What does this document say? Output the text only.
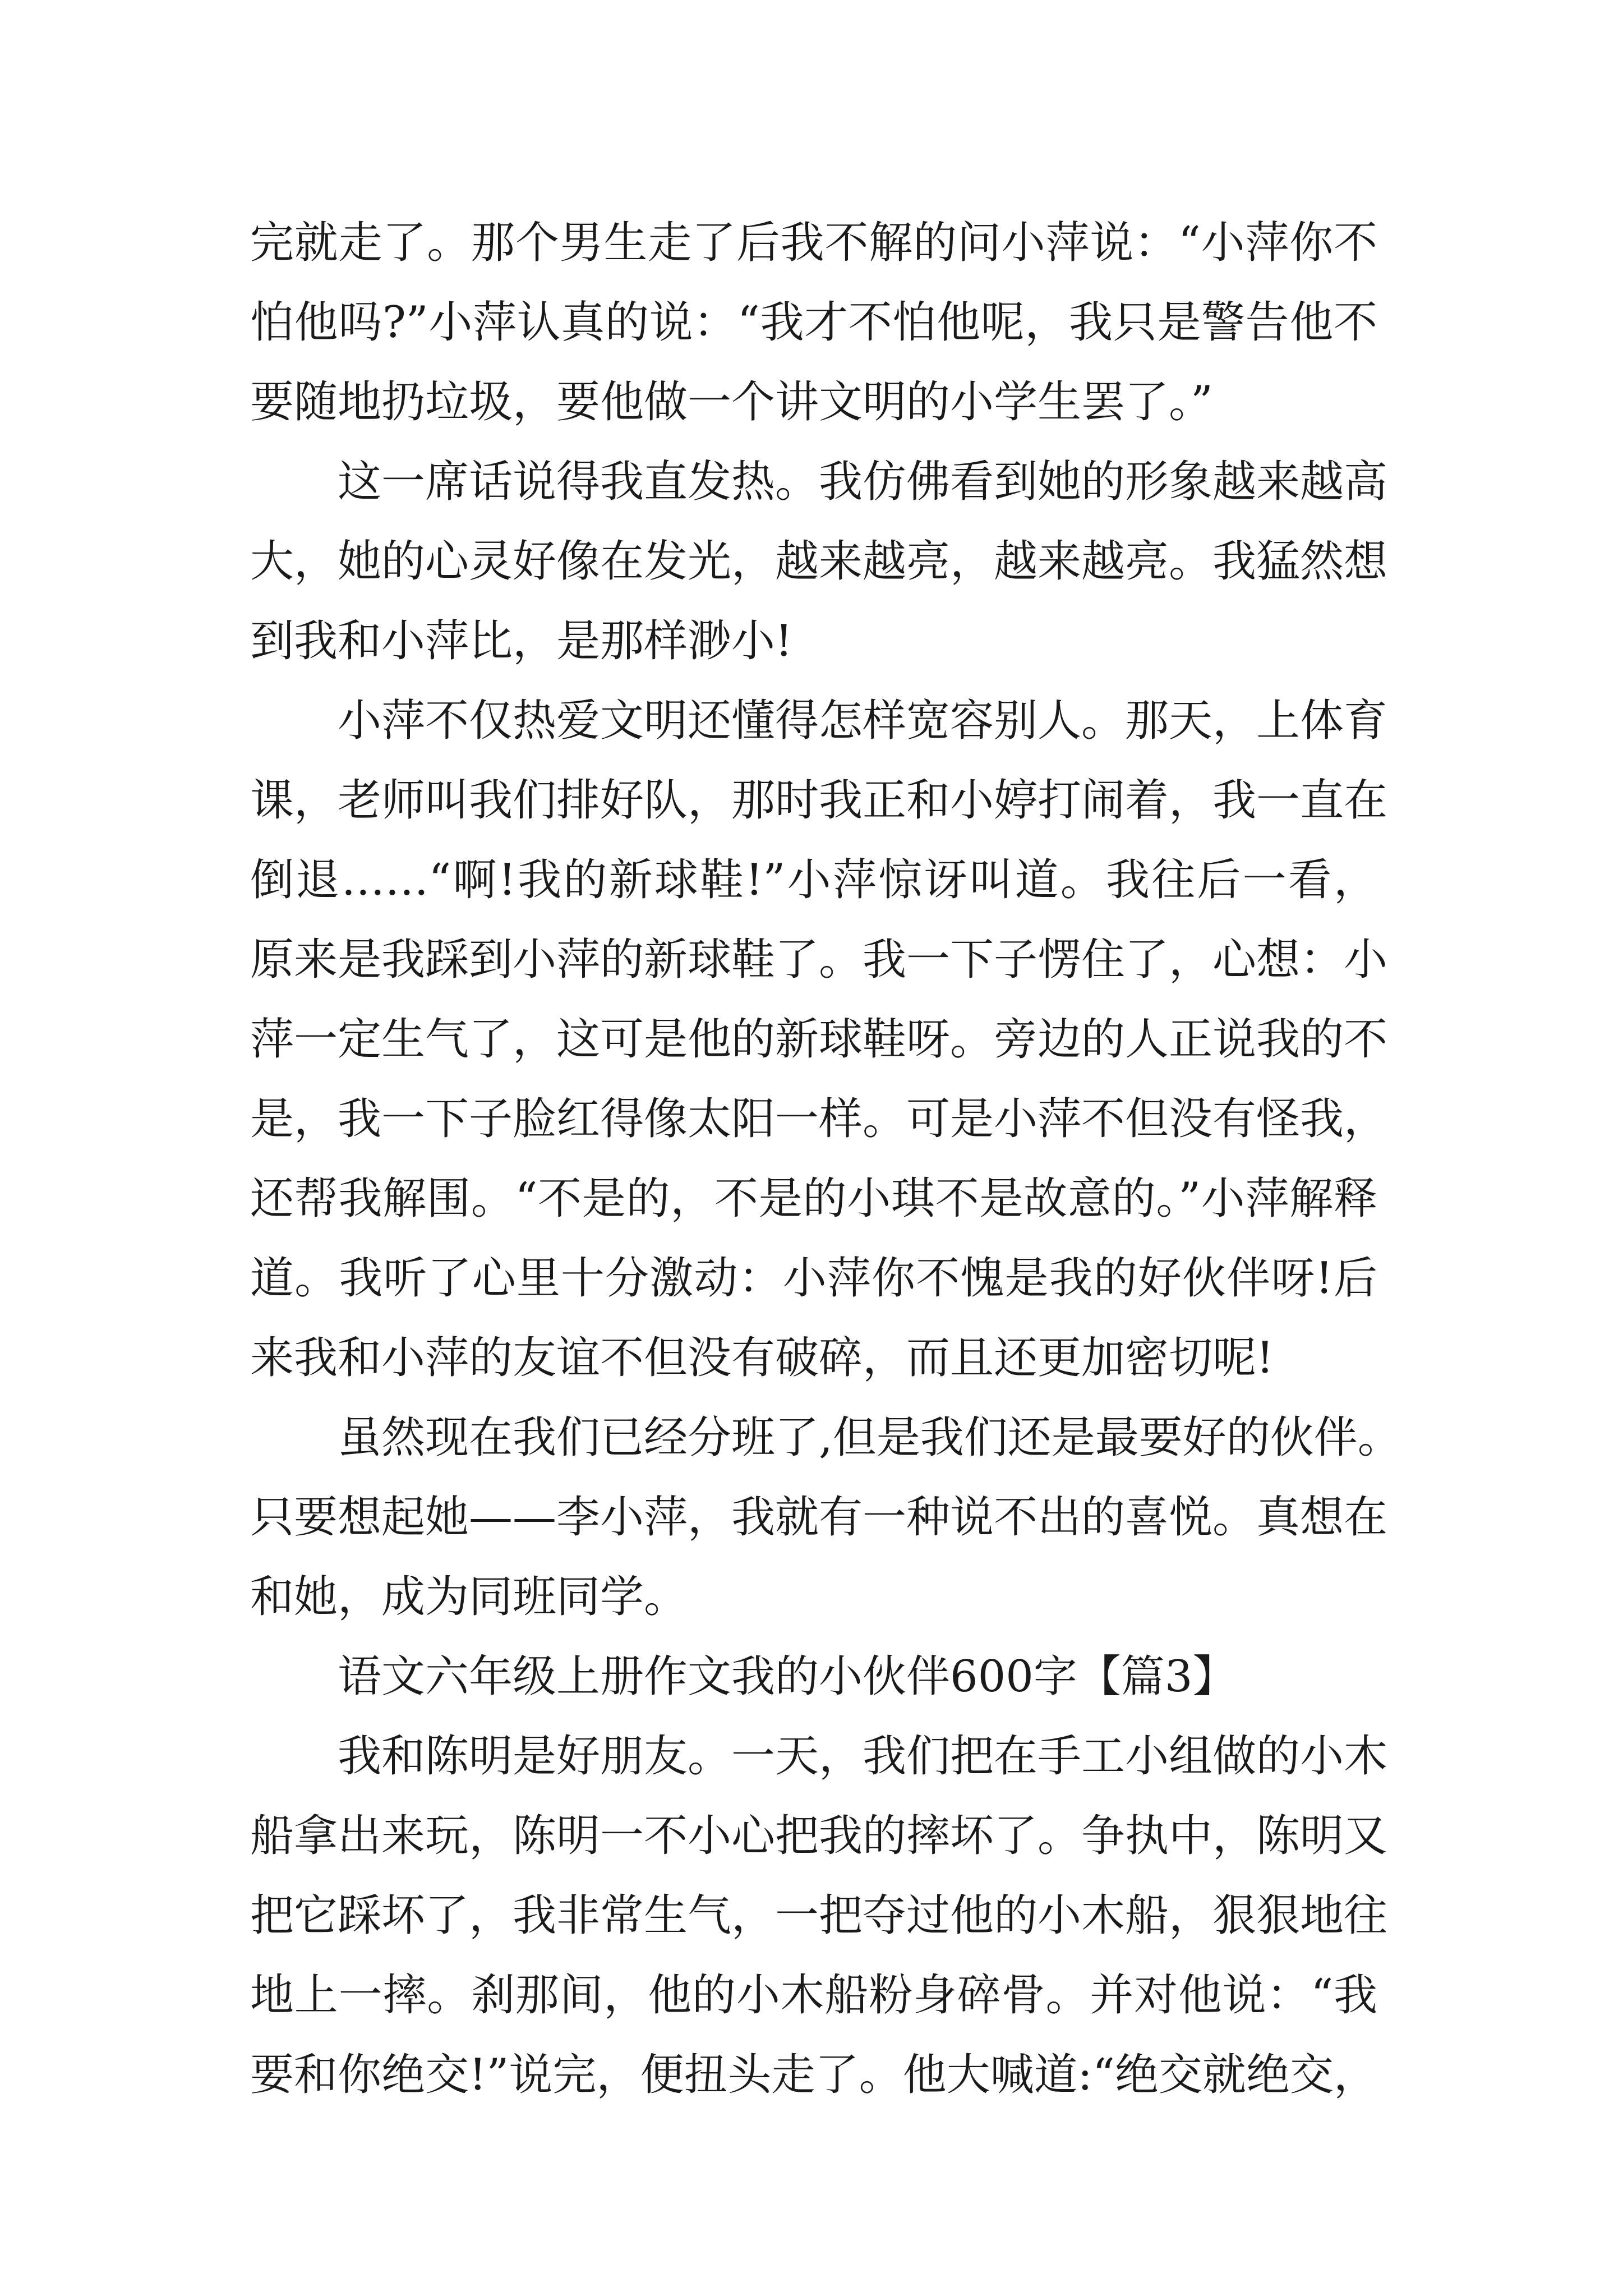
完就走了。那个男生走了后我不解的问小萍说：“小萍你不
怕他吗?”小萍认真的说：“我才不怕他呢，我只是警告他不
要随地扔垃圾，要他做一个讲文明的小学生罢了。”
这一席话说得我直发热。我仿佛看到她的形象越来越高
大，她的心灵好像在发光，越来越亮，越来越亮。我猛然想
到我和小萍比，是那样渺小!
小萍不仅热爱文明还懂得怎样宽容别人。那天，上体育
课，老师叫我们排好队，那时我正和小婷打闹着，我一直在
倒退……“啊!我的新球鞋!”小萍惊讶叫道。我往后一看，
原来是我踩到小萍的新球鞋了。我一下子愣住了，心想：小
萍一定生气了，这可是他的新球鞋呀。旁边的人正说我的不
是，我一下子脸红得像太阳一样。可是小萍不但没有怪我，
还帮我解围。“不是的，不是的小琪不是故意的。”小萍解释
道。我听了心里十分激动：小萍你不愧是我的好伙伴呀!后
来我和小萍的友谊不但没有破碎，而且还更加密切呢!
虽然现在我们已经分班了,但是我们还是最要好的伙伴。
只要想起她——李小萍，我就有一种说不出的喜悦。真想在
和她，成为同班同学。
语文六年级上册作文我的小伙伴600字【篇3】
我和陈明是好朋友。一天，我们把在手工小组做的小木
船拿出来玩，陈明一不小心把我的摔坏了。争执中，陈明又
把它踩坏了，我非常生气，一把夺过他的小木船，狠狠地往
地上一摔。刹那间，他的小木船粉身碎骨。并对他说：“我
要和你绝交!”说完，便扭头走了。他大喊道:“绝交就绝交，
